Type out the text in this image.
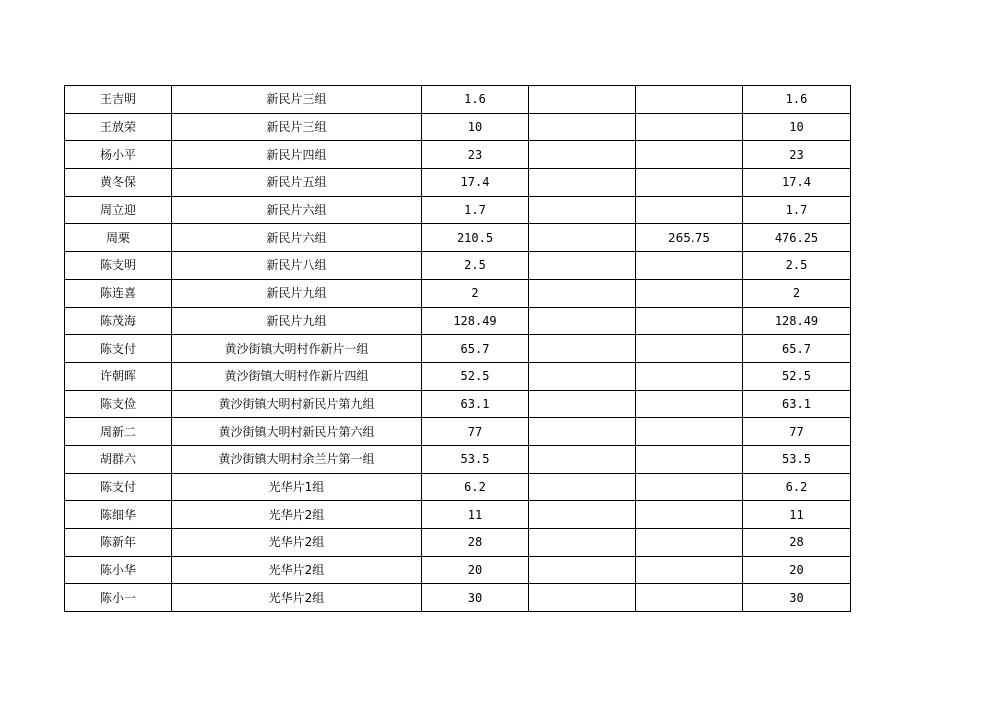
王吉明	新民片三组	1.6			1.6
王放荣	新民片三组	10			10
杨小平	新民片四组	23			23
黄冬保	新民片五组	17.4			17.4
周立迎	新民片六组	1.7			1.7
周栗	新民片六组	210.5		265.75	476.25
陈支明	新民片八组	2.5			2.5
陈连喜	新民片九组	2			2
陈茂海	新民片九组	128.49			128.49
陈支付	黄沙街镇大明村作新片一组	65.7			65.7
许朝晖	黄沙街镇大明村作新片四组	52.5			52.5
陈支俭	黄沙街镇大明村新民片第九组	63.1			63.1
周新二	黄沙街镇大明村新民片第六组	77			77
胡群六	黄沙街镇大明村余兰片第一组	53.5			53.5
陈支付	光华片1组	6.2			6.2
陈细华	光华片2组	11			11
陈新年	光华片2组	28			28
陈小华	光华片2组	20			20
陈小一	光华片2组	30			30
